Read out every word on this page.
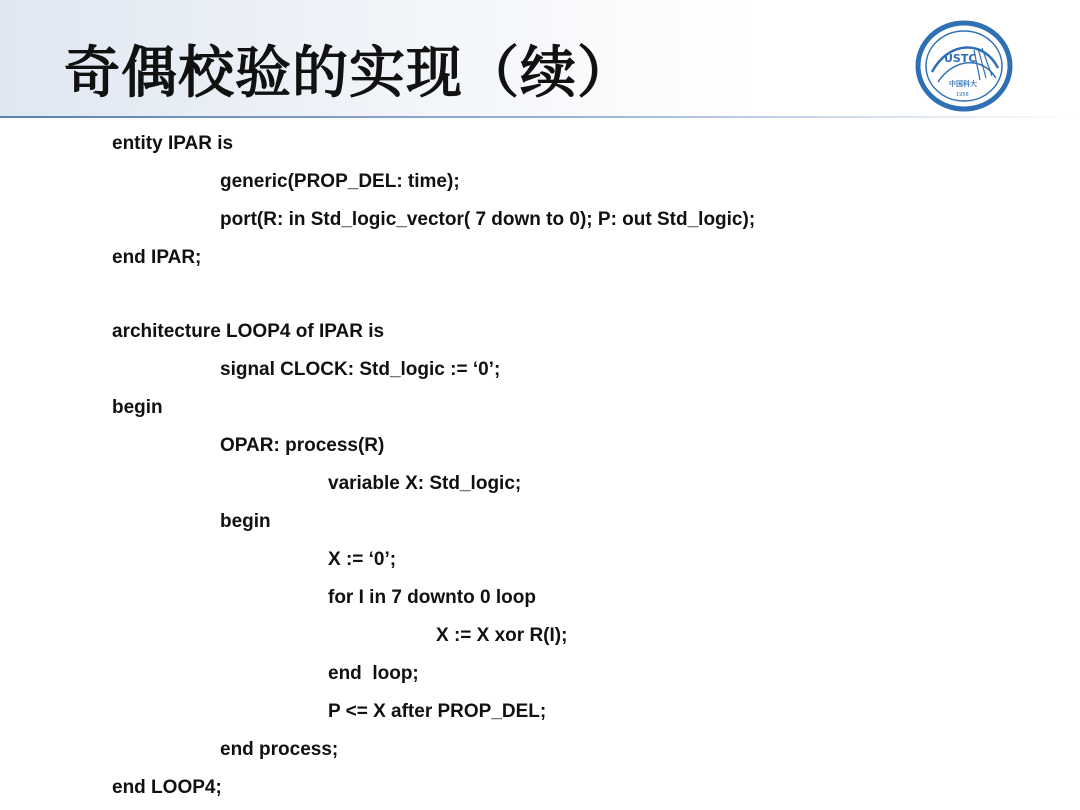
奇偶校验的实现（续）	USTC
中国科大
1958
entity IPAR is
generic(PROP_DEL: time);
port(R: in Std_logic_vector( 7 down to 0); P: out Std_logic);
end IPAR;
architecture LOOP4 of IPAR is
signal CLOCK: Std_logic := ‘0’;
begin
OPAR: process(R)
variable X: Std_logic;
begin
X := ‘0’;
for I in 7 downto 0 loop
X := X xor R(I);
end  loop;
P <= X after PROP_DEL;
end process;
end LOOP4;
